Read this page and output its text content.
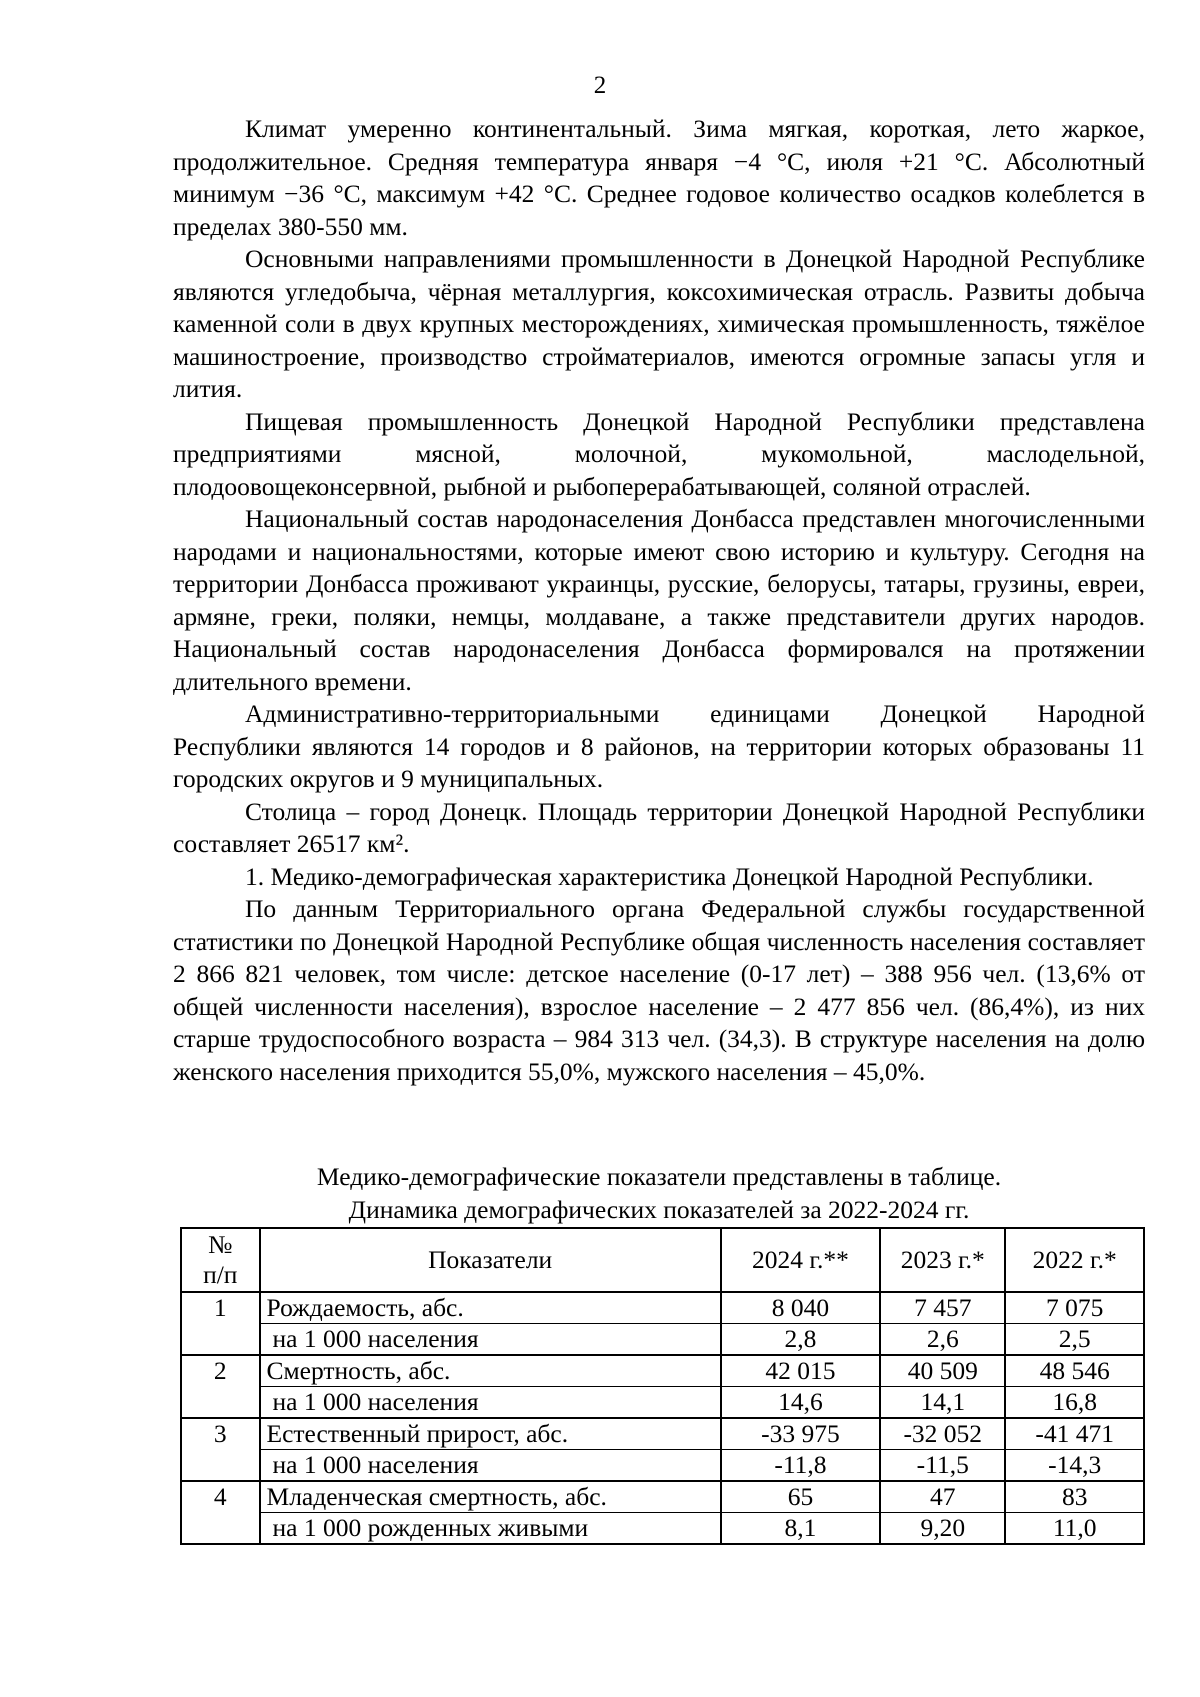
2

Климат умеренно континентальный. Зима мягкая, короткая, лето жаркое, продолжительное. Средняя температура января −4 °С, июля +21 °С. Абсолютный минимум −36 °С, максимум +42 °С. Среднее годовое количество осадков колеблется в пределах 380-550 мм.

Основными направлениями промышленности в Донецкой Народной Республике являются угледобыча, чёрная металлургия, коксохимическая отрасль. Развиты добыча каменной соли в двух крупных месторождениях, химическая промышленность, тяжёлое машиностроение, производство стройматериалов, имеются огромные запасы угля и лития.

Пищевая промышленность Донецкой Народной Республики представлена предприятиями мясной, молочной, мукомольной, маслодельной, плодоовощеконсервной, рыбной и рыбоперерабатывающей, соляной отраслей.

Национальный состав народонаселения Донбасса представлен многочисленными народами и национальностями, которые имеют свою историю и культуру. Сегодня на территории Донбасса проживают украинцы, русские, белорусы, татары, грузины, евреи, армяне, греки, поляки, немцы, молдаване, а также представители других народов. Национальный состав народонаселения Донбасса формировался на протяжении длительного времени.

Административно-территориальными единицами Донецкой Народной Республики являются 14 городов и 8 районов, на территории которых образованы 11 городских округов и 9 муниципальных.

Столица – город Донецк. Площадь территории Донецкой Народной Республики составляет 26517 км².

1. Медико-демографическая характеристика Донецкой Народной Республики.

По данным Территориального органа Федеральной службы государственной статистики по Донецкой Народной Республике общая численность населения составляет 2 866 821 человек, том числе: детское население (0-17 лет) – 388 956 чел. (13,6% от общей численности населения), взрослое население – 2 477 856 чел. (86,4%), из них старше трудоспособного возраста – 984 313 чел. (34,3). В структуре населения на долю женского населения приходится 55,0%, мужского населения – 45,0%.

Медико-демографические показатели представлены в таблице.
Динамика демографических показателей за 2022-2024 гг.
№
п/п	Показатели	2024 г.**	2023 г.*	2022 г.*
1	Рождаемость, абс.	8 040	7 457	7 075
	на 1 000 населения	2,8	2,6	2,5
2	Смертность, абс.	42 015	40 509	48 546
	на 1 000 населения	14,6	14,1	16,8
3	Естественный прирост, абс.	-33 975	-32 052	-41 471
	на 1 000 населения	-11,8	-11,5	-14,3
4	Младенческая смертность, абс.	65	47	83
	на 1 000 рожденных живыми	8,1	9,20	11,0
